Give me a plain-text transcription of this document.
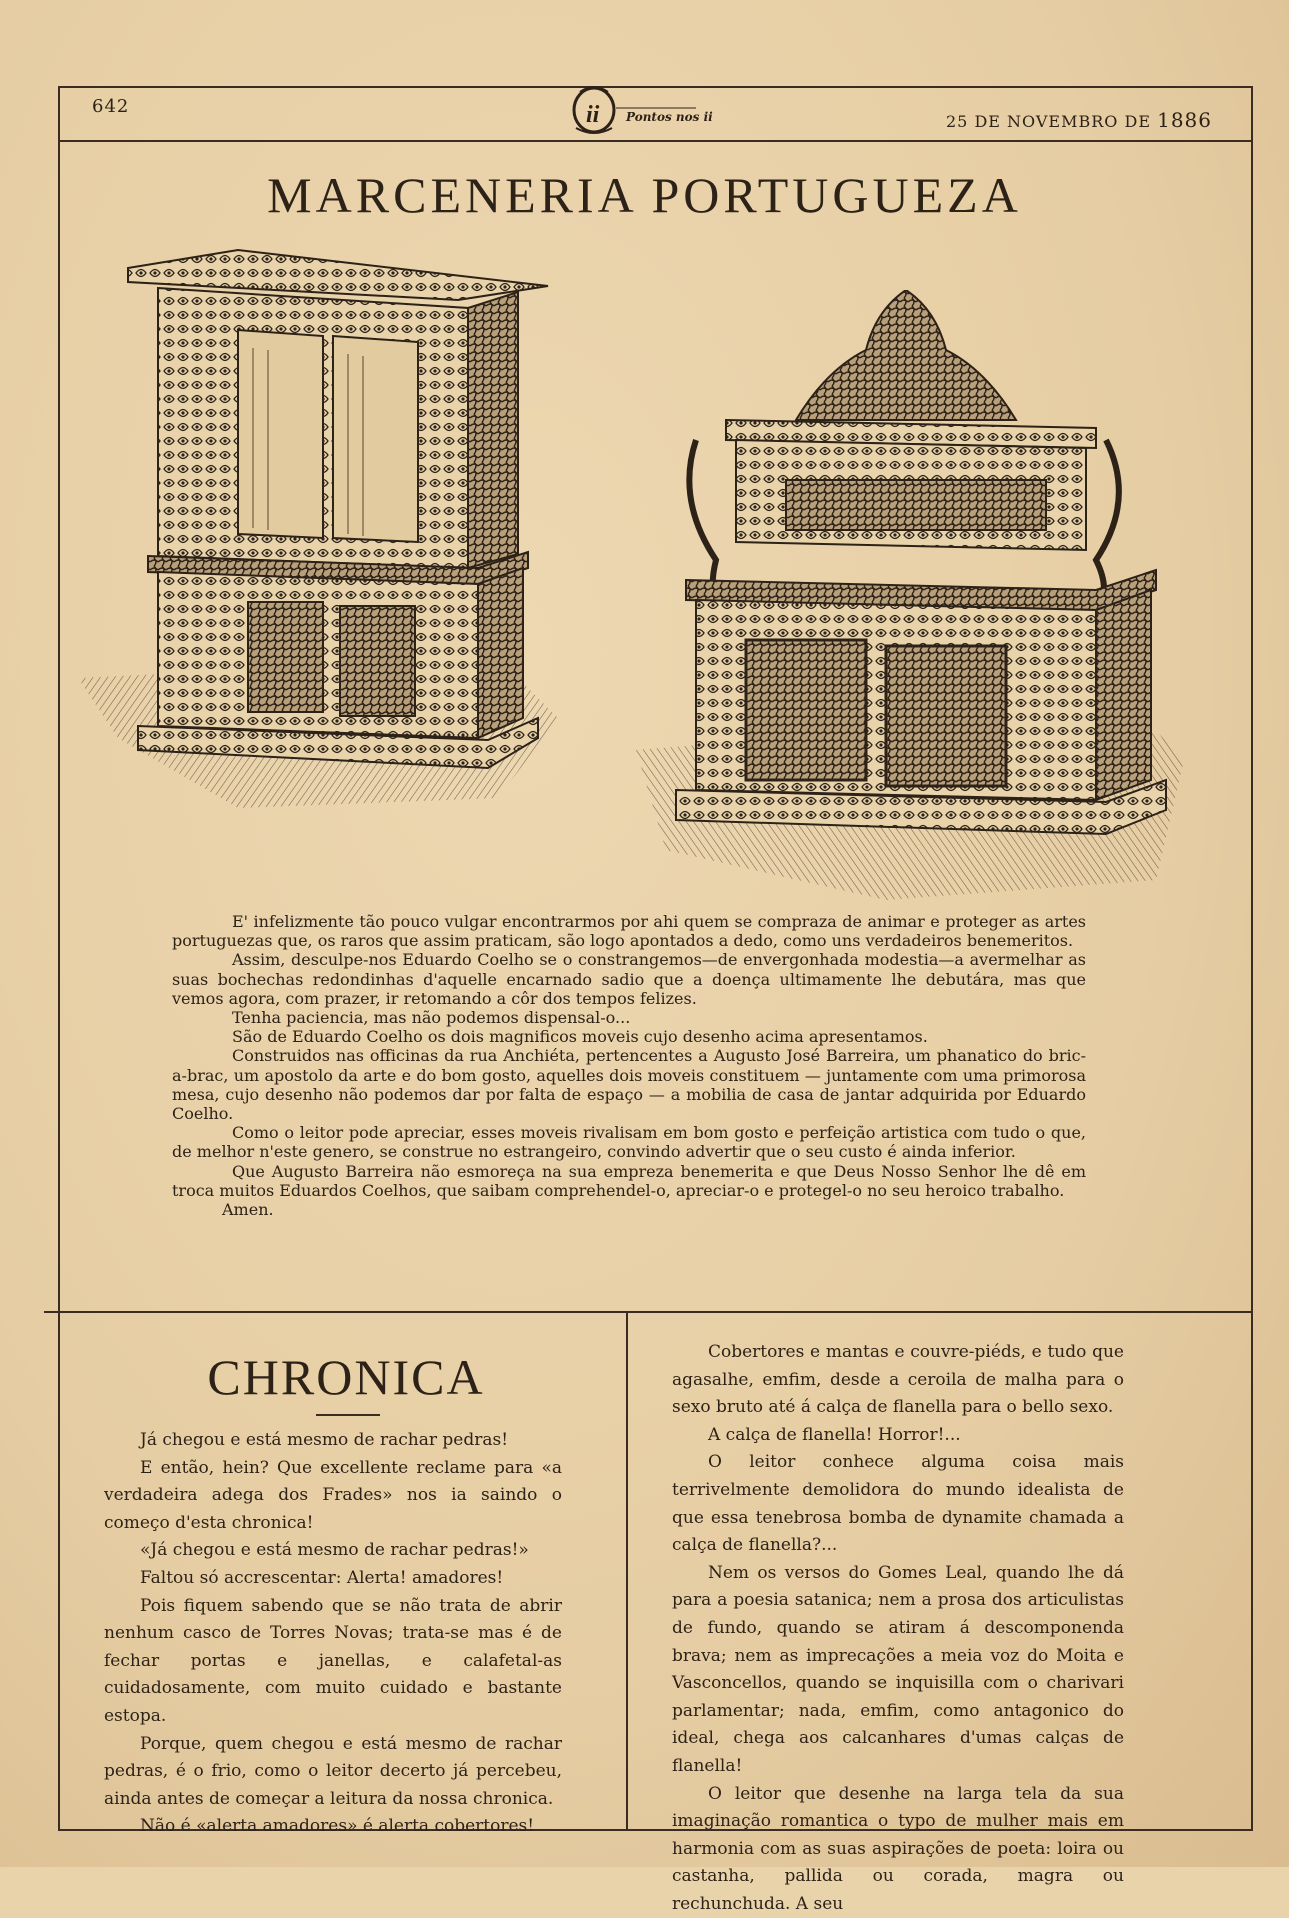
642	ii Pontos nos ii	25 DE NOVEMBRO DE 1886
MARCENERIA PORTUGUEZA

E' infelizmente tão pouco vulgar encontrarmos por ahi quem se compraza de animar e proteger as artes portuguezas que, os raros que assim praticam, são logo apontados a dedo, como uns verdadeiros benemeritos.

Assim, desculpe-nos Eduardo Coelho se o constrangemos—de envergonhada modestia—a avermelhar as suas bochechas redondinhas d'aquelle encarnado sadio que a doença ultimamente lhe debutára, mas que vemos agora, com prazer, ir retomando a côr dos tempos felizes.

Tenha paciencia, mas não podemos dispensal-o...

São de Eduardo Coelho os dois magnificos moveis cujo desenho acima apresentamos.

Construidos nas officinas da rua Anchiéta, pertencentes a Augusto José Barreira, um phanatico do bric-a-brac, um apostolo da arte e do bom gosto, aquelles dois moveis constituem — juntamente com uma primorosa mesa, cujo desenho não podemos dar por falta de espaço — a mobilia de casa de jantar adquirida por Eduardo Coelho.

Como o leitor pode apreciar, esses moveis rivalisam em bom gosto e perfeição artistica com tudo o que, de melhor n'este genero, se construe no estrangeiro, convindo advertir que o seu custo é ainda inferior.

Que Augusto Barreira não esmoreça na sua empreza benemerita e que Deus Nosso Senhor lhe dê em troca muitos Eduardos Coelhos, que saibam comprehendel-o, apreciar-o e protegel-o no seu heroico trabalho.

Amen.

CHRONICA

Já chegou e está mesmo de rachar pedras!

E então, hein? Que excellente reclame para «a verdadeira adega dos Frades» nos ia saindo o começo d'esta chronica!

«Já chegou e está mesmo de rachar pedras!»

Faltou só accrescentar: Alerta! amadores!

Pois fiquem sabendo que se não trata de abrir nenhum casco de Torres Novas; trata-se mas é de fechar portas e janellas, e calafetal-as cuidadosamente, com muito cuidado e bastante estopa.

Porque, quem chegou e está mesmo de rachar pedras, é o frio, como o leitor decerto já percebeu, ainda antes de começar a leitura da nossa chronica.

Não é «alerta amadores» é alerta cobertores!

Cobertores e mantas e couvre-piéds, e tudo que agasalhe, emfim, desde a ceroila de malha para o sexo bruto até á calça de flanella para o bello sexo.

A calça de flanella! Horror!...

O leitor conhece alguma coisa mais terrivelmente demolidora do mundo idealista de que essa tenebrosa bomba de dynamite chamada a calça de flanella?...

Nem os versos do Gomes Leal, quando lhe dá para a poesia satanica; nem a prosa dos articulistas de fundo, quando se atiram á descomponenda brava; nem as imprecações a meia voz do Moita e Vasconcellos, quando se inquisilla com o charivari parlamentar; nada, emfim, como antagonico do ideal, chega aos calcanhares d'umas calças de flanella!

O leitor que desenhe na larga tela da sua imaginação romantica o typo de mulher mais em harmonia com as suas aspirações de poeta: loira ou castanha, pallida ou corada, magra ou rechunchuda. A seu
